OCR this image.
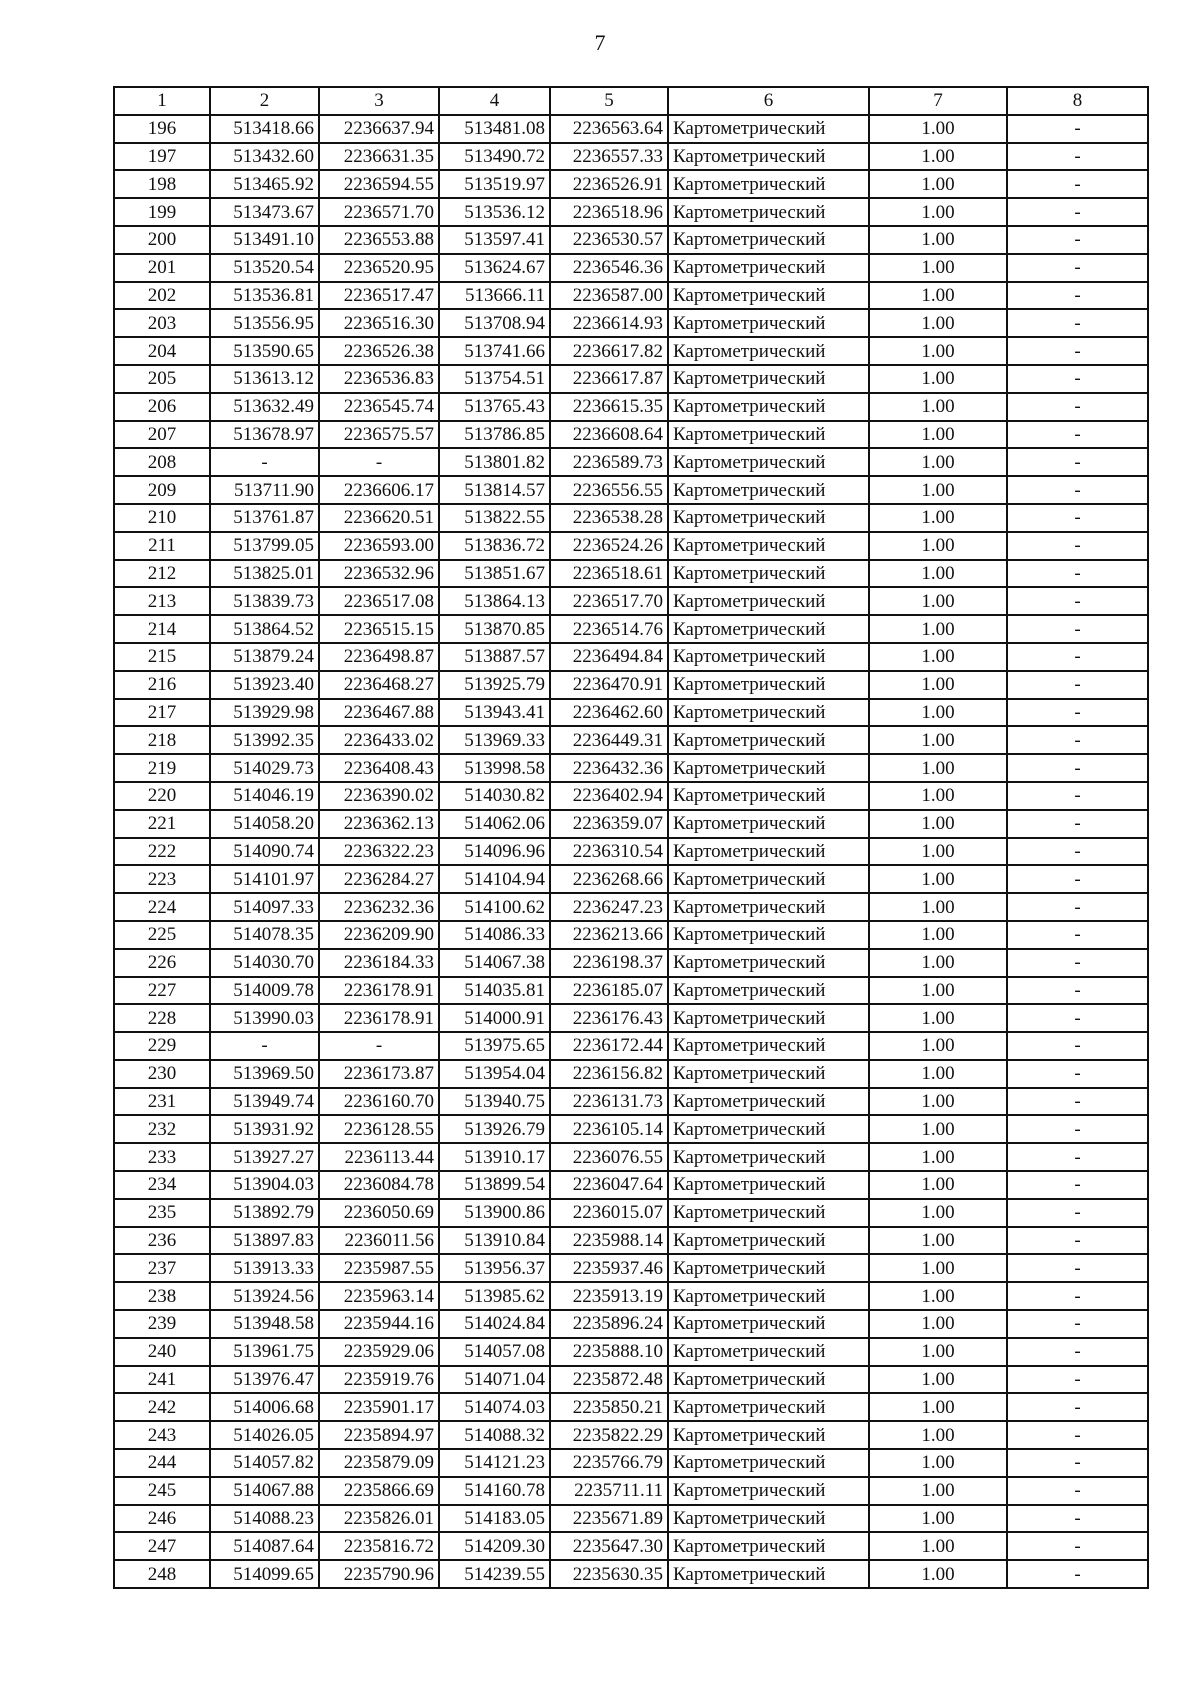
7
1	2	3	4	5	6	7	8
196	513418.66	2236637.94	513481.08	2236563.64	Картометрический	1.00	-
197	513432.60	2236631.35	513490.72	2236557.33	Картометрический	1.00	-
198	513465.92	2236594.55	513519.97	2236526.91	Картометрический	1.00	-
199	513473.67	2236571.70	513536.12	2236518.96	Картометрический	1.00	-
200	513491.10	2236553.88	513597.41	2236530.57	Картометрический	1.00	-
201	513520.54	2236520.95	513624.67	2236546.36	Картометрический	1.00	-
202	513536.81	2236517.47	513666.11	2236587.00	Картометрический	1.00	-
203	513556.95	2236516.30	513708.94	2236614.93	Картометрический	1.00	-
204	513590.65	2236526.38	513741.66	2236617.82	Картометрический	1.00	-
205	513613.12	2236536.83	513754.51	2236617.87	Картометрический	1.00	-
206	513632.49	2236545.74	513765.43	2236615.35	Картометрический	1.00	-
207	513678.97	2236575.57	513786.85	2236608.64	Картометрический	1.00	-
208	-	-	513801.82	2236589.73	Картометрический	1.00	-
209	513711.90	2236606.17	513814.57	2236556.55	Картометрический	1.00	-
210	513761.87	2236620.51	513822.55	2236538.28	Картометрический	1.00	-
211	513799.05	2236593.00	513836.72	2236524.26	Картометрический	1.00	-
212	513825.01	2236532.96	513851.67	2236518.61	Картометрический	1.00	-
213	513839.73	2236517.08	513864.13	2236517.70	Картометрический	1.00	-
214	513864.52	2236515.15	513870.85	2236514.76	Картометрический	1.00	-
215	513879.24	2236498.87	513887.57	2236494.84	Картометрический	1.00	-
216	513923.40	2236468.27	513925.79	2236470.91	Картометрический	1.00	-
217	513929.98	2236467.88	513943.41	2236462.60	Картометрический	1.00	-
218	513992.35	2236433.02	513969.33	2236449.31	Картометрический	1.00	-
219	514029.73	2236408.43	513998.58	2236432.36	Картометрический	1.00	-
220	514046.19	2236390.02	514030.82	2236402.94	Картометрический	1.00	-
221	514058.20	2236362.13	514062.06	2236359.07	Картометрический	1.00	-
222	514090.74	2236322.23	514096.96	2236310.54	Картометрический	1.00	-
223	514101.97	2236284.27	514104.94	2236268.66	Картометрический	1.00	-
224	514097.33	2236232.36	514100.62	2236247.23	Картометрический	1.00	-
225	514078.35	2236209.90	514086.33	2236213.66	Картометрический	1.00	-
226	514030.70	2236184.33	514067.38	2236198.37	Картометрический	1.00	-
227	514009.78	2236178.91	514035.81	2236185.07	Картометрический	1.00	-
228	513990.03	2236178.91	514000.91	2236176.43	Картометрический	1.00	-
229	-	-	513975.65	2236172.44	Картометрический	1.00	-
230	513969.50	2236173.87	513954.04	2236156.82	Картометрический	1.00	-
231	513949.74	2236160.70	513940.75	2236131.73	Картометрический	1.00	-
232	513931.92	2236128.55	513926.79	2236105.14	Картометрический	1.00	-
233	513927.27	2236113.44	513910.17	2236076.55	Картометрический	1.00	-
234	513904.03	2236084.78	513899.54	2236047.64	Картометрический	1.00	-
235	513892.79	2236050.69	513900.86	2236015.07	Картометрический	1.00	-
236	513897.83	2236011.56	513910.84	2235988.14	Картометрический	1.00	-
237	513913.33	2235987.55	513956.37	2235937.46	Картометрический	1.00	-
238	513924.56	2235963.14	513985.62	2235913.19	Картометрический	1.00	-
239	513948.58	2235944.16	514024.84	2235896.24	Картометрический	1.00	-
240	513961.75	2235929.06	514057.08	2235888.10	Картометрический	1.00	-
241	513976.47	2235919.76	514071.04	2235872.48	Картометрический	1.00	-
242	514006.68	2235901.17	514074.03	2235850.21	Картометрический	1.00	-
243	514026.05	2235894.97	514088.32	2235822.29	Картометрический	1.00	-
244	514057.82	2235879.09	514121.23	2235766.79	Картометрический	1.00	-
245	514067.88	2235866.69	514160.78	2235711.11	Картометрический	1.00	-
246	514088.23	2235826.01	514183.05	2235671.89	Картометрический	1.00	-
247	514087.64	2235816.72	514209.30	2235647.30	Картометрический	1.00	-
248	514099.65	2235790.96	514239.55	2235630.35	Картометрический	1.00	-
